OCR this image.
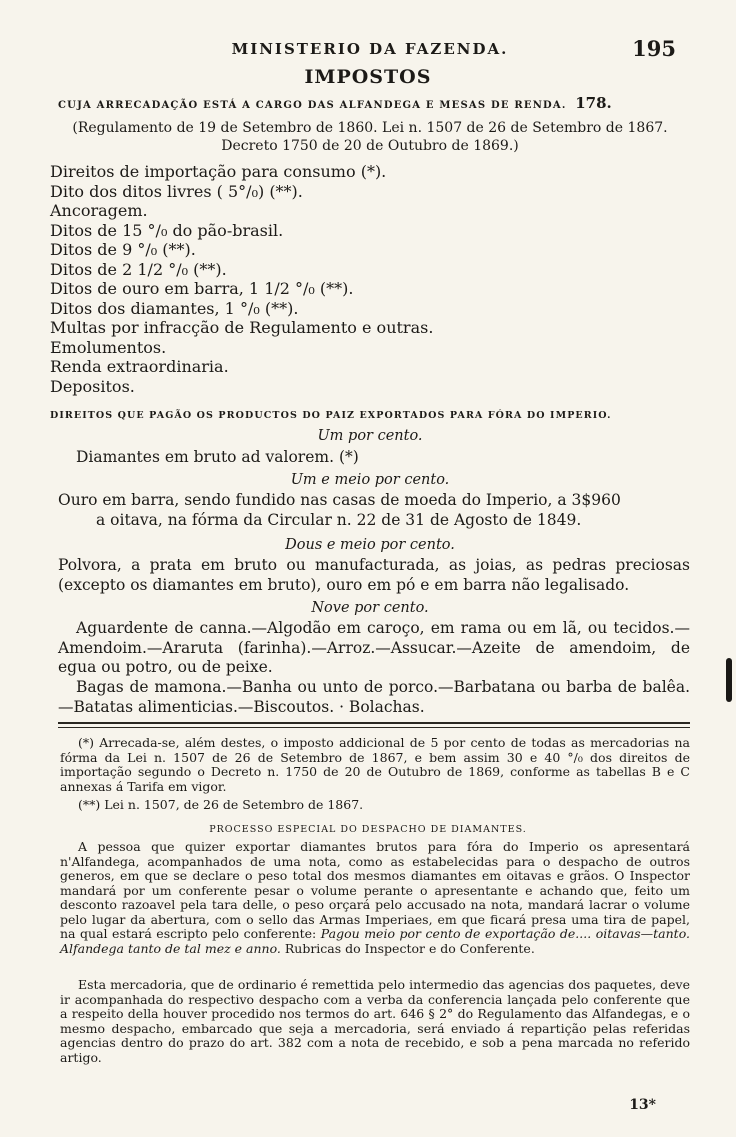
MINISTERIO DA FAZENDA.	195
IMPOSTOS
CUJA ARRECADAÇÃO ESTÁ A CARGO DAS ALFANDEGA E MESAS DE RENDA. 178.
(Regulamento de 19 de Setembro de 1860. Lei n. 1507 de 26 de Setembro de 1867.
Decreto 1750 de 20 de Outubro de 1869.)
Direitos de importação para consumo (*).
Dito dos ditos livres ( 5°/₀) (**).
Ancoragem.
Ditos de 15 °/₀ do pão-brasil.
Ditos de 9 °/₀ (**).
Ditos de 2 1/2 °/₀ (**).
Ditos de ouro em barra, 1 1/2 °/₀ (**).
Ditos dos diamantes, 1 °/₀ (**).
Multas por infracção de Regulamento e outras.
Emolumentos.
Renda extraordinaria.
Depositos.
DIREITOS QUE PAGÃO OS PRODUCTOS DO PAIZ EXPORTADOS PARA FÓRA DO IMPERIO.
Um por cento.
Diamantes em bruto ad valorem. (*)
Um e meio por cento.
Ouro em barra, sendo fundido nas casas de moeda do Imperio, a 3$960
a oitava, na fórma da Circular n. 22 de 31 de Agosto de 1849.
Dous e meio por cento.
Polvora, a prata em bruto ou manufacturada, as joias, as pedras preciosas (excepto os diamantes em bruto), ouro em pó e em barra não legalisado.
Nove por cento.
Aguardente de canna.—Algodão em caroço, em rama ou em lã, ou tecidos.—Amendoim.—Araruta (farinha).—Arroz.—Assucar.—Azeite de amendoim, de egua ou potro, ou de peixe.
Bagas de mamona.—Banha ou unto de porco.—Barbatana ou barba de balêa.—Batatas alimenticias.—Biscoutos. · Bolachas.
(*) Arrecada-se, além destes, o imposto addicional de 5 por cento de todas as mercadorias na fórma da Lei n. 1507 de 26 de Setembro de 1867, e bem assim 30 e 40 °/₀ dos direitos de importação segundo o Decreto n. 1750 de 20 de Outubro de 1869, conforme as tabellas B e C annexas á Tarifa em vigor.
(**) Lei n. 1507, de 26 de Setembro de 1867.
PROCESSO ESPECIAL DO DESPACHO DE DIAMANTES.
A pessoa que quizer exportar diamantes brutos para fóra do Imperio os apresentará n'Alfandega, acompanhados de uma nota, como as estabelecidas para o despacho de outros generos, em que se declare o peso total dos mesmos diamantes em oitavas e grãos. O Inspector mandará por um conferente pesar o volume perante o apresentante e achando que, feito um desconto razoavel pela tara delle, o peso orçará pelo accusado na nota, mandará lacrar o volume pelo lugar da abertura, com o sello das Armas Imperiaes, em que ficará presa uma tira de papel, na qual estará escripto pelo conferente: Pagou meio por cento de exportação de.... oitavas—tanto. Alfandega tanto de tal mez e anno. Rubricas do Inspector e do Conferente.
Esta mercadoria, que de ordinario é remettida pelo intermedio das agencias dos paquetes, deve ir acompanhada do respectivo despacho com a verba da conferencia lançada pelo conferente que a respeito della houver procedido nos termos do art. 646 § 2° do Regulamento das Alfandegas, e o mesmo despacho, embarcado que seja a mercadoria, será enviado á repartição pelas referidas agencias dentro do prazo do art. 382 com a nota de recebido, e sob a pena marcada no referido artigo.
13*
